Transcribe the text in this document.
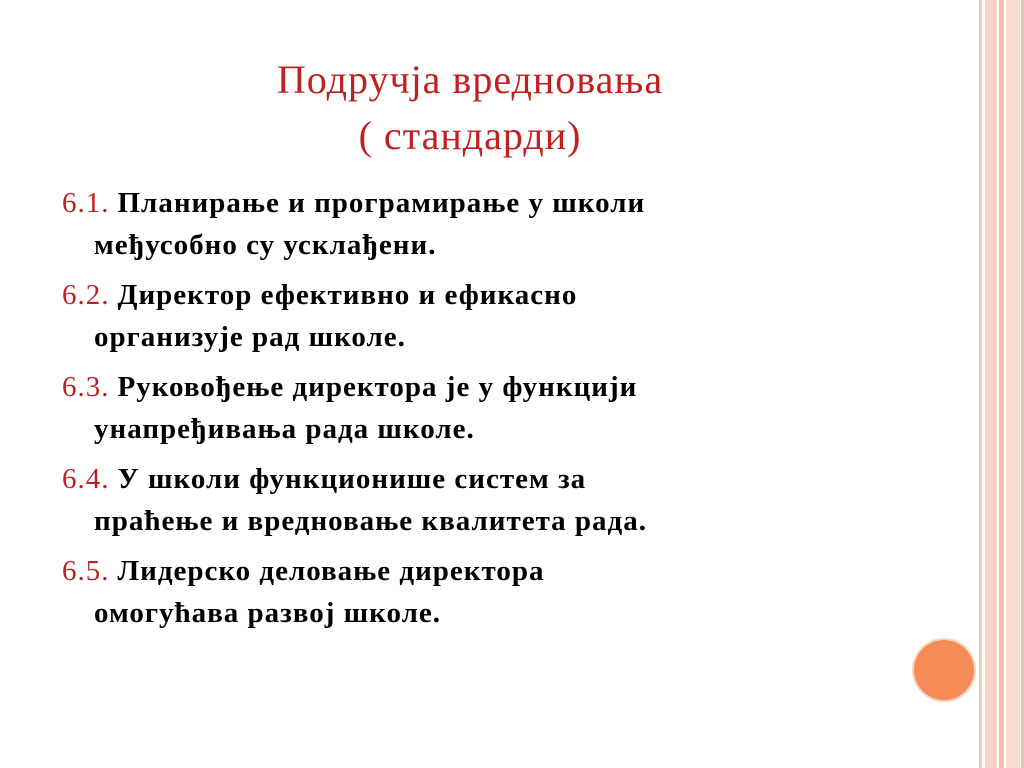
Подручја вредновања
( стандарди)
6.1. Планирање и програмирање у школи
међусобно су усклађени.
6.2. Директор ефективно и ефикасно
организује рад школе.
6.3. Руковођење директора је у функцији
унапређивања рада школе.
6.4. У школи функционише систем за
праћење и вредновање квалитета рада.
6.5. Лидерско деловање директора
омогућава развој школе.
